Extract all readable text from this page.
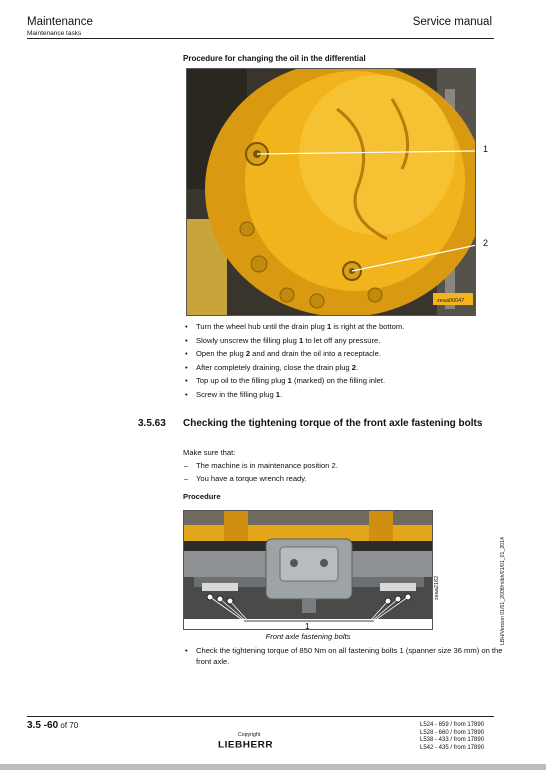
Maintenance
Maintenance tasks
Service manual
Procedure for changing the oil in the differential
zeaa00047
1
2
• Turn the wheel hub until the drain plug 1 is right at the bottom.
• Slowly unscrew the filling plug 1 to let off any pressure.
• Open the plug 2 and and drain the oil into a receptacle.
• After completely draining, close the drain plug 2.
• Top up oil to the filling plug 1 (marked) on the filling inlet.
• Screw in the filling plug 1.
3.5.63 Checking the tightening torque of the front axle fastening bolts
Make sure that:
– The machine is in maintenance position 2.
– You have a torque wrench ready.
Procedure
1
zeaa2162
Front axle fastening bolts
• Check the tightening torque of 850 Nm on all fastening bolts 1 (spanner size 36 mm) on the front axle.
LBH/Version 01/01_2008/mlbh/01/01_01_2014
3.5 -60 of 70
Copyright
LIEBHERR
L524 - 659 / from 17890
L528 - 660 / from 17890
L538 - 433 / from 17890
L542 - 435 / from 17890
